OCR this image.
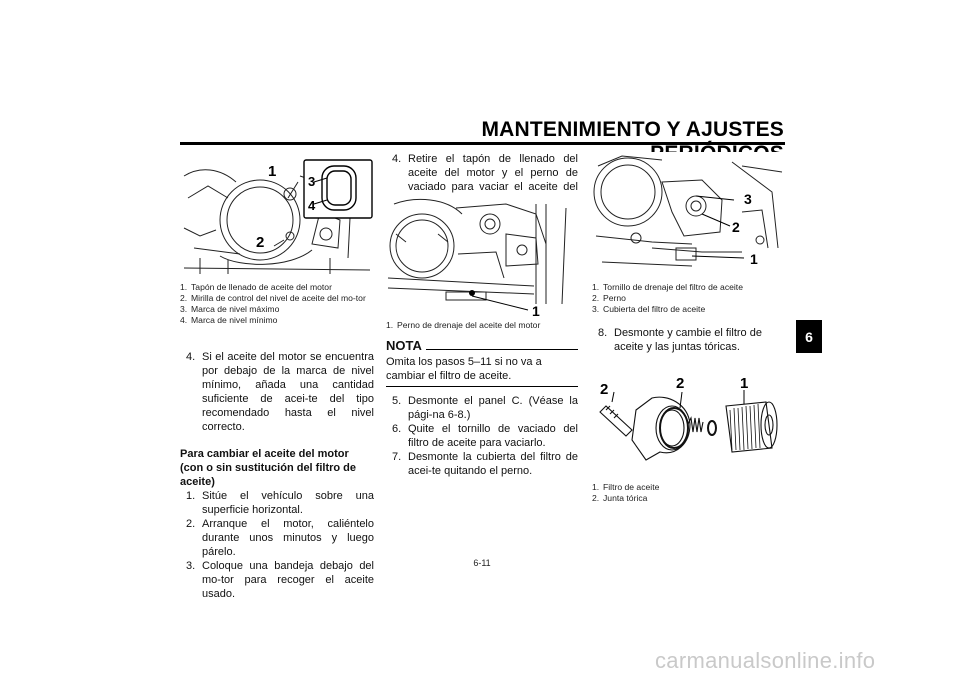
MANTENIMIENTO Y AJUSTES
6
1
2
3
4
1. Tapón de llenado de aceite del motor
2. Mirilla de control del nivel de aceite del mo-tor
3. Marca de nivel máximo
4. Marca de nivel mínimo
4. Si el aceite del motor se encuentra por debajo de la marca de nivel mínimo, añada una cantidad suficiente de acei-te del tipo recomendado hasta el nivel correcto.
Para cambiar el aceite del motor (con o sin sustitución del filtro de aceite)
1. Sitúe el vehículo sobre una superficie horizontal.
2. Arranque el motor, caliéntelo durante unos minutos y luego párelo.
3. Coloque una bandeja debajo del mo-tor para recoger el aceite usado.
4. Retire el tapón de llenado del aceite del motor y el perno de vaciado para vaciar el aceite del
1
1. Perno de drenaje del aceite del motor
NOTA
Omita los pasos 5–11 si no va a cambiar el filtro de aceite.
5. Desmonte el panel C. (Véase la pági-na 6-8.)
6. Quite el tornillo de vaciado del filtro de aceite para vaciarlo.
7. Desmonte la cubierta del filtro de acei-te quitando el perno.
3
2
1
1. Tornillo de drenaje del filtro de aceite
2. Perno
3. Cubierta del filtro de aceite
8. Desmonte y cambie el filtro de aceite y las juntas tóricas.
2	2	1
1. Filtro de aceite
2. Junta tórica
6-11
carmanualsonline.info
